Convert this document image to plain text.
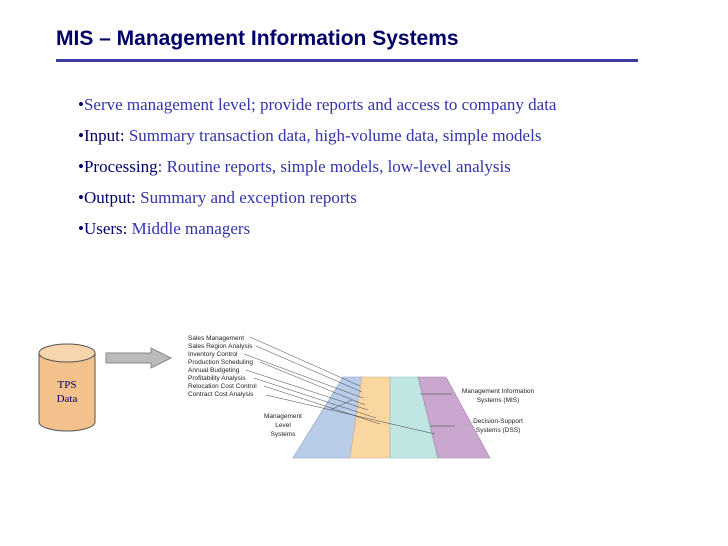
MIS – Management Information Systems
•Serve management level; provide reports and access to company data
•Input: Summary transaction data, high-volume data, simple models
•Processing: Routine reports, simple models, low-level analysis
•Output: Summary and exception reports
•Users: Middle managers
TPS
Data
Sales Management
Sales Region Analysis
Inventory Control
Production Scheduling
Annual Budgeting
Profitability Analysis
Relocation Cost Control
Contract Cost Analysis
Management
Level
Systems
Management Information
Systems (MIS)
Decision-Support
Systems (DSS)
